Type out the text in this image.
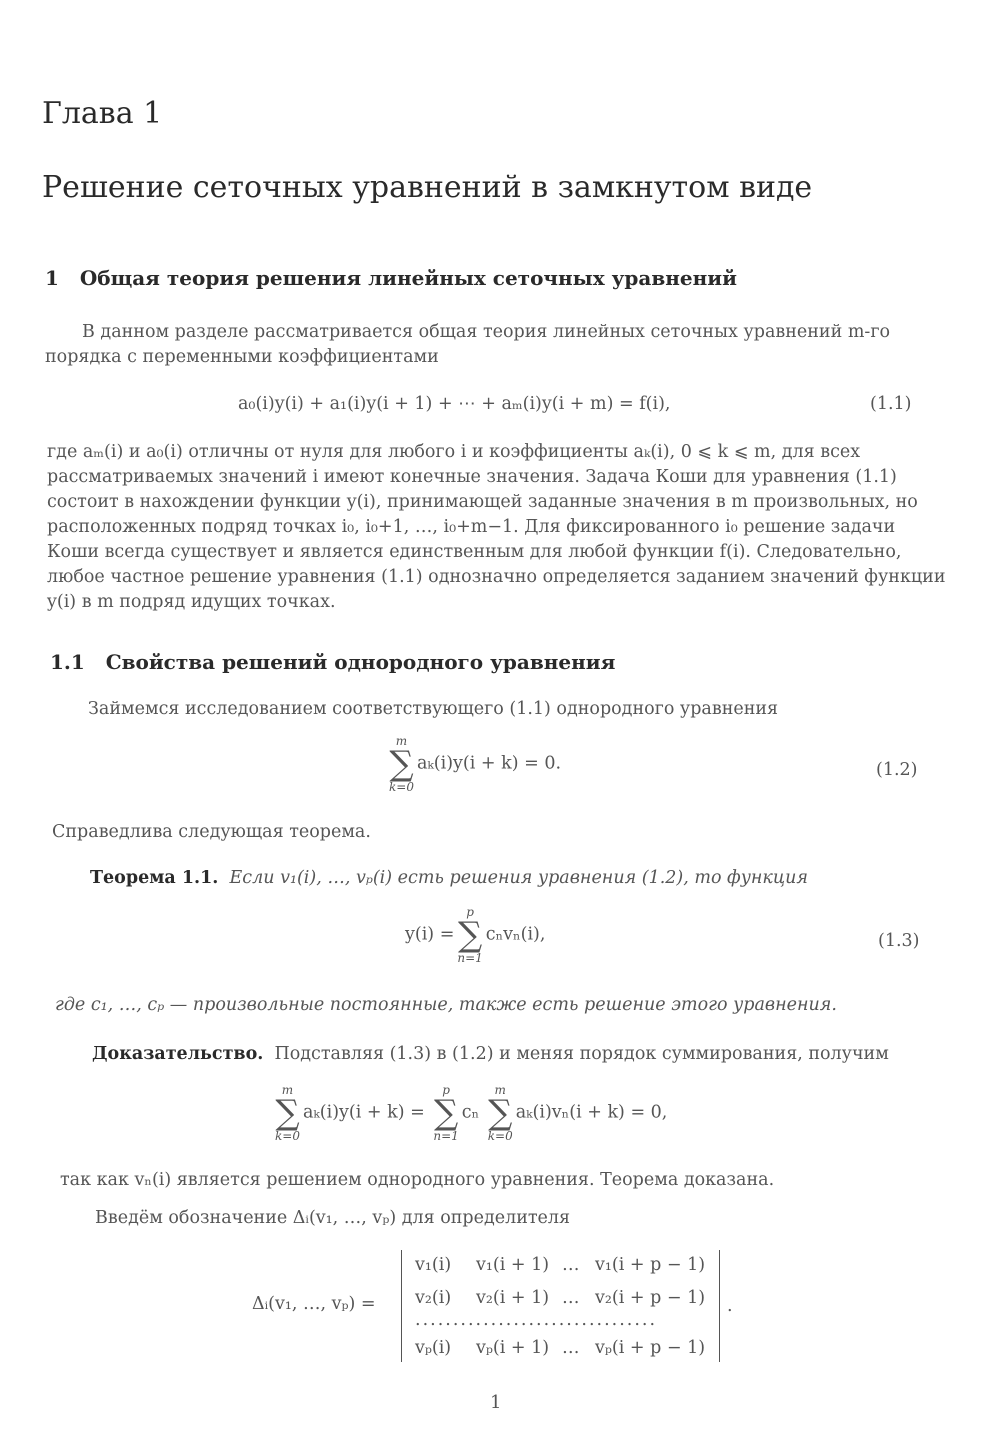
Глава 1
Решение сеточных уравнений в замкнутом виде
1 Общая теория решения линейных сеточных уравнений
В данном разделе рассматривается общая теория линейных сеточных уравнений m-го
порядка с переменными коэффициентами
a₀(i)y(i) + a₁(i)y(i + 1) + ⋯ + aₘ(i)y(i + m) = f(i),	(1.1)
где aₘ(i) и a₀(i) отличны от нуля для любого i и коэффициенты aₖ(i), 0 ⩽ k ⩽ m, для всех
рассматриваемых значений i имеют конечные значения. Задача Коши для уравнения (1.1)
состоит в нахождении функции y(i), принимающей заданные значения в m произвольных, но
расположенных подряд точках i₀, i₀+1, …, i₀+m−1. Для фиксированного i₀ решение задачи
Коши всегда существует и является единственным для любой функции f(i). Следовательно,
любое частное решение уравнения (1.1) однозначно определяется заданием значений функции
y(i) в m подряд идущих точках.
1.1 Свойства решений однородного уравнения
Займемся исследованием соответствующего (1.1) однородного уравнения
m
∑
k=0
aₖ(i)y(i + k) = 0.	(1.2)
Справедлива следующая теорема.
Теорема 1.1. Если v₁(i), …, vₚ(i) есть решения уравнения (1.2), то функция
y(i) =
p
∑
n=1
cₙvₙ(i),	(1.3)
где c₁, …, cₚ — произвольные постоянные, также есть решение этого уравнения.
Доказательство. Подставляя (1.3) в (1.2) и меняя порядок суммирования, получим
m
∑
k=0
aₖ(i)y(i + k) =
p
∑
n=1
cₙ
m
∑
k=0
aₖ(i)vₙ(i + k) = 0,
так как vₙ(i) является решением однородного уравнения. Теорема доказана.
Введём обозначение Δᵢ(v₁, …, vₚ) для определителя
Δᵢ(v₁, …, vₚ) =
v₁(i) v₁(i + 1) … v₁(i + p − 1)
v₂(i) v₂(i + 1) … v₂(i + p − 1)
................................
vₚ(i) vₚ(i + 1) … vₚ(i + p − 1)
.
1
